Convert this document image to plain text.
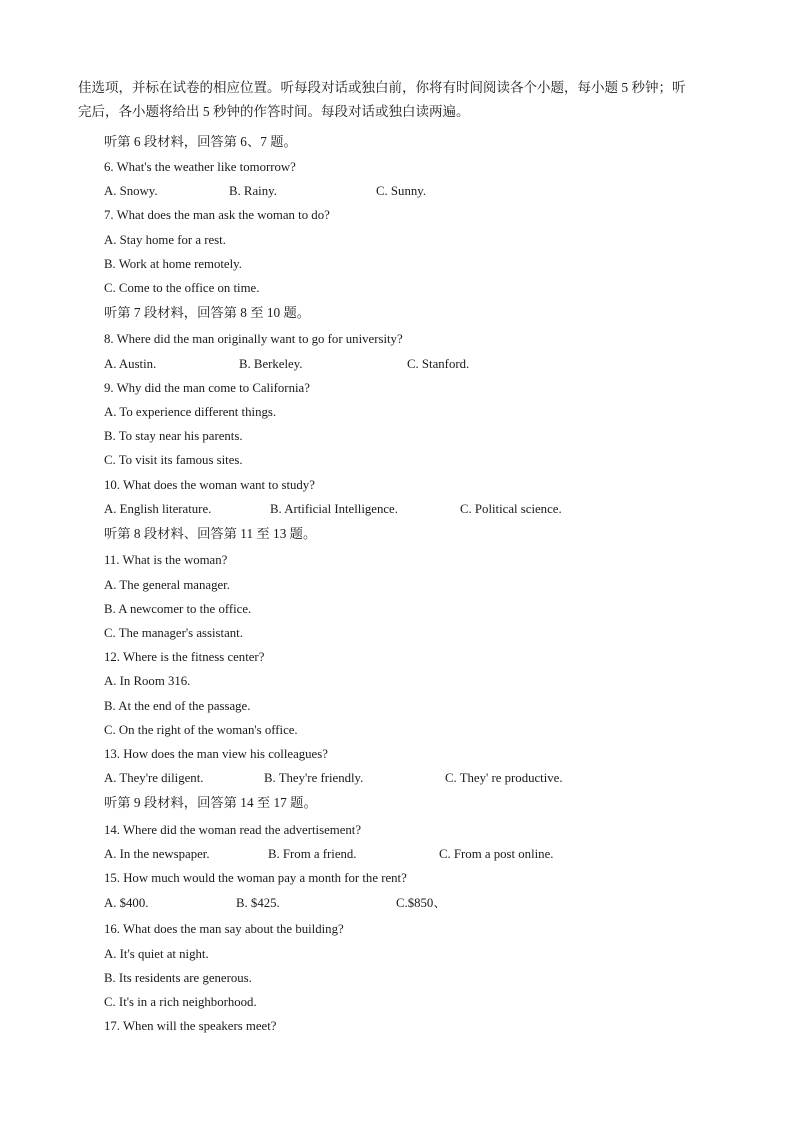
佳选项，并标在试卷的相应位置。听每段对话或独白前，你将有时间阅读各个小题，每小题 5 秒钟；听
完后，各小题将给出 5 秒钟的作答时间。每段对话或独白读两遍。
听第 6 段材料，回答第 6、7 题。
6. What's the weather like tomorrow?
A. Snowy.	B. Rainy.	C. Sunny.
7. What does the man ask the woman to do?
A. Stay home for a rest.
B. Work at home remotely.
C. Come to the office on time.
听第 7 段材料，回答第 8 至 10 题。
8. Where did the man originally want to go for university?
A. Austin.	B. Berkeley.	C. Stanford.
9. Why did the man come to California?
A. To experience different things.
B. To stay near his parents.
C. To visit its famous sites.
10. What does the woman want to study?
A. English literature.	B. Artificial Intelligence.	C. Political science.
听第 8 段材料、回答第 11 至 13 题。
11. What is the woman?
A. The general manager.
B. A newcomer to the office.
C. The manager's assistant.
12. Where is the fitness center?
A. In Room 316.
B. At the end of the passage.
C. On the right of the woman's office.
13. How does the man view his colleagues?
A. They're diligent.	B. They're friendly.	C. They' re productive.
听第 9 段材料，回答第 14 至 17 题。
14. Where did the woman read the advertisement?
A. In the newspaper.	B. From a friend.	C. From a post online.
15. How much would the woman pay a month for the rent?
A. $400.	B. $425.	C.$850、
16. What does the man say about the building?
A. It's quiet at night.
B. Its residents are generous.
C. It's in a rich neighborhood.
17. When will the speakers meet?
